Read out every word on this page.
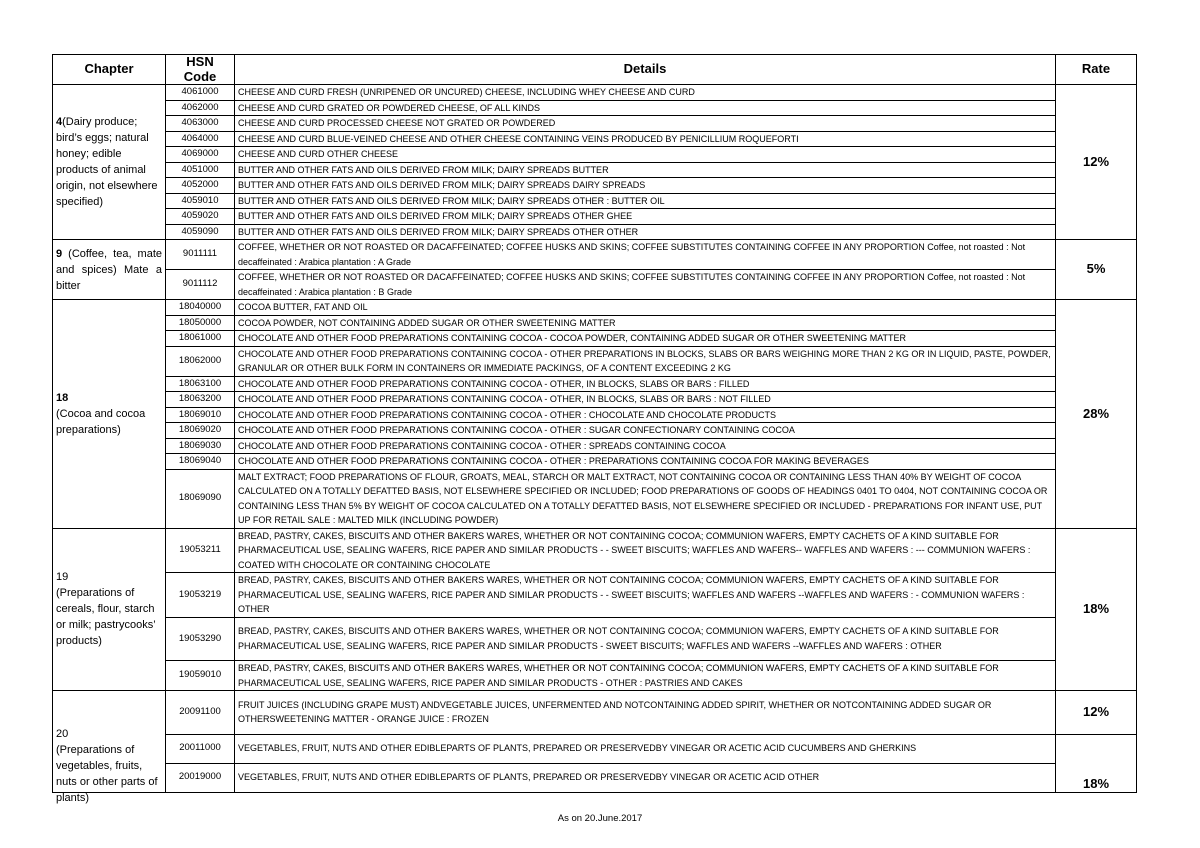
Chapter	HSN Code	Details	Rate
4(Dairy produce; bird’s eggs; natural honey; edible products of animal origin, not elsewhere specified)	4061000	CHEESE AND CURD FRESH (UNRIPENED OR UNCURED) CHEESE, INCLUDING WHEY CHEESE AND CURD	12%
	4062000	CHEESE AND CURD GRATED OR POWDERED CHEESE, OF ALL KINDS	
	4063000	CHEESE AND CURD PROCESSED CHEESE NOT GRATED OR POWDERED	
	4064000	CHEESE AND CURD BLUE-VEINED CHEESE AND OTHER CHEESE CONTAINING VEINS PRODUCED BY PENICILLIUM ROQUEFORTI	
	4069000	CHEESE AND CURD OTHER CHEESE	
	4051000	BUTTER AND OTHER FATS AND OILS DERIVED FROM MILK; DAIRY SPREADS BUTTER	
	4052000	BUTTER AND OTHER FATS AND OILS DERIVED FROM MILK; DAIRY SPREADS DAIRY SPREADS	
	4059010	BUTTER AND OTHER FATS AND OILS DERIVED FROM MILK; DAIRY SPREADS OTHER : BUTTER OIL	
	4059020	BUTTER AND OTHER FATS AND OILS DERIVED FROM MILK; DAIRY SPREADS OTHER GHEE	
	4059090	BUTTER AND OTHER FATS AND OILS DERIVED FROM MILK; DAIRY SPREADS OTHER OTHER	
9 (Coffee, tea, mate and spices) Mate a bitter	9011111	COFFEE, WHETHER OR NOT ROASTED OR DACAFFEINATED; COFFEE HUSKS AND SKINS; COFFEE SUBSTITUTES CONTAINING COFFEE IN ANY PROPORTION Coffee, not roasted : Not decaffeinated : Arabica plantation : A Grade	5%
	9011112	COFFEE, WHETHER OR NOT ROASTED OR DACAFFEINATED; COFFEE HUSKS AND SKINS; COFFEE SUBSTITUTES CONTAINING COFFEE IN ANY PROPORTION Coffee, not roasted : Not decaffeinated : Arabica plantation : B Grade	
18
(Cocoa and cocoa preparations)	18040000	COCOA BUTTER, FAT AND OIL	28%
	18050000	COCOA POWDER, NOT CONTAINING ADDED SUGAR OR OTHER SWEETENING MATTER	
	18061000	CHOCOLATE AND OTHER FOOD PREPARATIONS CONTAINING COCOA - COCOA POWDER, CONTAINING ADDED SUGAR OR OTHER SWEETENING MATTER	
	18062000	CHOCOLATE AND OTHER FOOD PREPARATIONS CONTAINING COCOA - OTHER PREPARATIONS IN BLOCKS, SLABS OR BARS WEIGHING MORE THAN 2 KG OR IN LIQUID, PASTE, POWDER, GRANULAR OR OTHER BULK FORM IN CONTAINERS OR IMMEDIATE PACKINGS, OF A CONTENT EXCEEDING 2 KG	
	18063100	CHOCOLATE AND OTHER FOOD PREPARATIONS CONTAINING COCOA - OTHER, IN BLOCKS, SLABS OR BARS : FILLED	
	18063200	CHOCOLATE AND OTHER FOOD PREPARATIONS CONTAINING COCOA - OTHER, IN BLOCKS, SLABS OR BARS : NOT FILLED	
	18069010	CHOCOLATE AND OTHER FOOD PREPARATIONS CONTAINING COCOA - OTHER : CHOCOLATE AND CHOCOLATE PRODUCTS	
	18069020	CHOCOLATE AND OTHER FOOD PREPARATIONS CONTAINING COCOA - OTHER : SUGAR CONFECTIONARY CONTAINING COCOA	
	18069030	CHOCOLATE AND OTHER FOOD PREPARATIONS CONTAINING COCOA - OTHER : SPREADS CONTAINING COCOA	
	18069040	CHOCOLATE AND OTHER FOOD PREPARATIONS CONTAINING COCOA - OTHER : PREPARATIONS CONTAINING COCOA FOR MAKING BEVERAGES	
	18069090	MALT EXTRACT; FOOD PREPARATIONS OF FLOUR, GROATS, MEAL, STARCH OR MALT EXTRACT, NOT CONTAINING COCOA OR CONTAINING LESS THAN 40% BY WEIGHT OF COCOA CALCULATED ON A TOTALLY DEFATTED BASIS, NOT ELSEWHERE SPECIFIED OR INCLUDED; FOOD PREPARATIONS OF GOODS OF HEADINGS 0401 TO 0404, NOT CONTAINING COCOA OR CONTAINING LESS THAN 5% BY WEIGHT OF COCOA CALCULATED ON A TOTALLY DEFATTED BASIS, NOT ELSEWHERE SPECIFIED OR INCLUDED - PREPARATIONS FOR INFANT USE, PUT UP FOR RETAIL SALE : MALTED MILK (INCLUDING POWDER)	
19
(Preparations of cereals, flour, starch or milk; pastrycooks’ products)	19053211	BREAD, PASTRY, CAKES, BISCUITS AND OTHER BAKERS WARES, WHETHER OR NOT CONTAINING COCOA; COMMUNION WAFERS, EMPTY CACHETS OF A KIND SUITABLE FOR PHARMACEUTICAL USE, SEALING WAFERS, RICE PAPER AND SIMILAR PRODUCTS - - SWEET BISCUITS; WAFFLES AND WAFERS-- WAFFLES AND WAFERS : --- COMMUNION WAFERS : COATED WITH CHOCOLATE OR CONTAINING CHOCOLATE	18%
	19053219	BREAD, PASTRY, CAKES, BISCUITS AND OTHER BAKERS WARES, WHETHER OR NOT CONTAINING COCOA; COMMUNION WAFERS, EMPTY CACHETS OF A KIND SUITABLE FOR PHARMACEUTICAL USE, SEALING WAFERS, RICE PAPER AND SIMILAR PRODUCTS - - SWEET BISCUITS; WAFFLES AND WAFERS --WAFFLES AND WAFERS : - COMMUNION WAFERS : OTHER	
	19053290	BREAD, PASTRY, CAKES, BISCUITS AND OTHER BAKERS WARES, WHETHER OR NOT CONTAINING COCOA; COMMUNION WAFERS, EMPTY CACHETS OF A KIND SUITABLE FOR PHARMACEUTICAL USE, SEALING WAFERS, RICE PAPER AND SIMILAR PRODUCTS - SWEET BISCUITS; WAFFLES AND WAFERS --WAFFLES AND WAFERS : OTHER	
	19059010	BREAD, PASTRY, CAKES, BISCUITS AND OTHER BAKERS WARES, WHETHER OR NOT CONTAINING COCOA; COMMUNION WAFERS, EMPTY CACHETS OF A KIND SUITABLE FOR PHARMACEUTICAL USE, SEALING WAFERS, RICE PAPER AND SIMILAR PRODUCTS - OTHER : PASTRIES AND CAKES	

20
(Preparations of vegetables, fruits, nuts or other parts of plants)	20091100	FRUIT JUICES (INCLUDING GRAPE MUST) ANDVEGETABLE JUICES, UNFERMENTED AND NOTCONTAINING ADDED SPIRIT, WHETHER OR NOTCONTAINING ADDED SUGAR OR OTHERSWEETENING MATTER - ORANGE JUICE : FROZEN	12%
	20011000	VEGETABLES, FRUIT, NUTS AND OTHER EDIBLEPARTS OF PLANTS, PREPARED OR PRESERVEDBY VINEGAR OR ACETIC ACID CUCUMBERS AND GHERKINS	18%
	20019000	VEGETABLES, FRUIT, NUTS AND OTHER EDIBLEPARTS OF PLANTS, PREPARED OR PRESERVEDBY VINEGAR OR ACETIC ACID OTHER	
As on 20.June.2017
